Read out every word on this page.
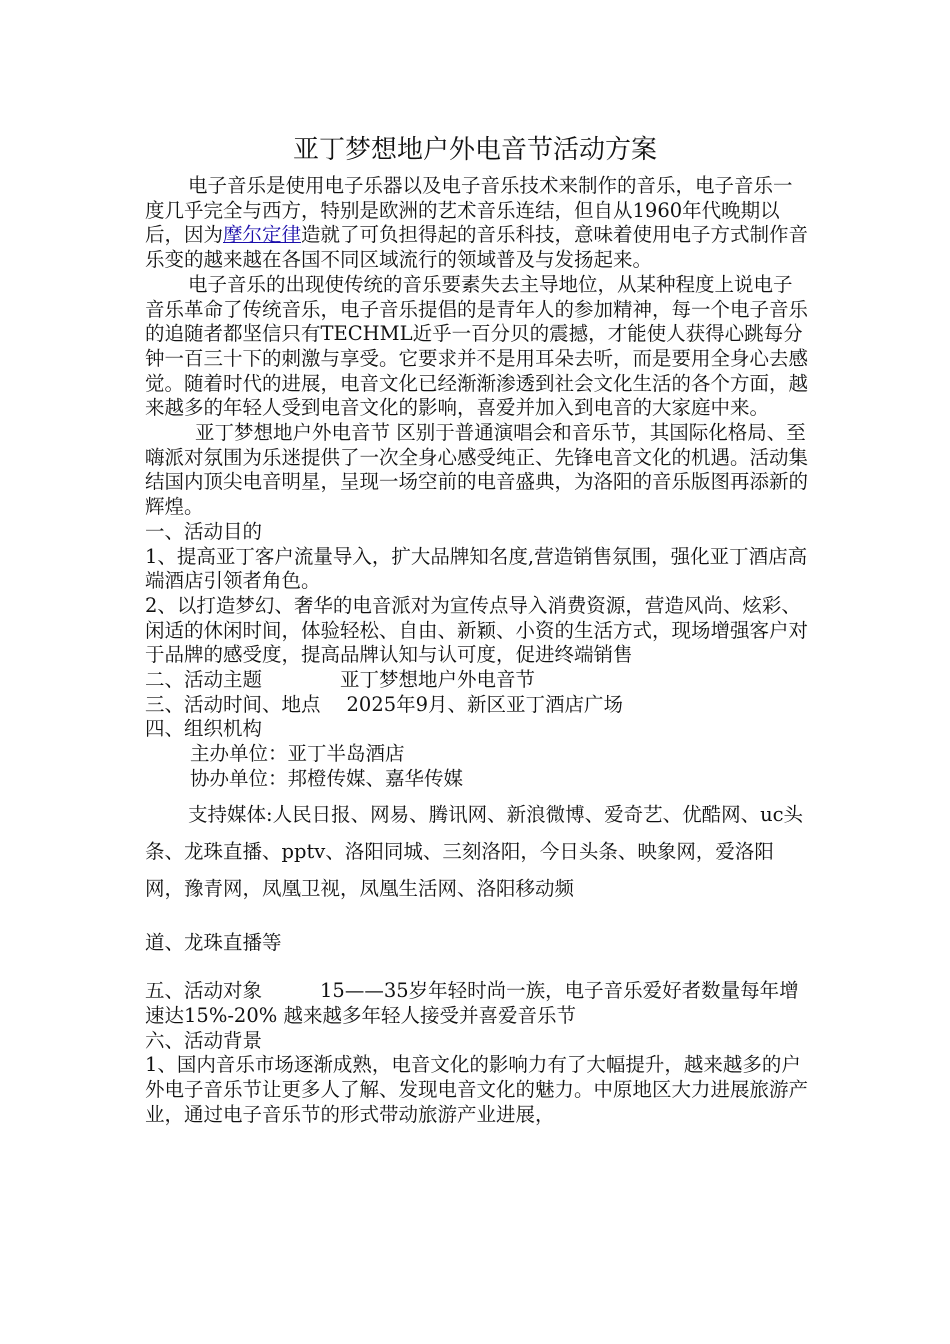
亚丁梦想地户外电音节活动方案

电子音乐是使用电子乐器以及电子音乐技术来制作的音乐，电子音乐一度几乎完全与西方，特别是欧洲的艺术音乐连结，但自从1960年代晚期以后，因为摩尔定律造就了可负担得起的音乐科技，意味着使用电子方式制作音乐变的越来越在各国不同区域流行的领域普及与发扬起来。

电子音乐的出现使传统的音乐要素失去主导地位，从某种程度上说电子音乐革命了传统音乐，电子音乐提倡的是青年人的参加精神，每一个电子音乐的追随者都坚信只有TECHML近乎一百分贝的震撼，才能使人获得心跳每分钟一百三十下的刺激与享受。它要求并不是用耳朵去听，而是要用全身心去感觉。随着时代的进展，电音文化已经渐渐渗透到社会文化生活的各个方面，越来越多的年轻人受到电音文化的影响，喜爱并加入到电音的大家庭中来。

亚丁梦想地户外电音节 区别于普通演唱会和音乐节，其国际化格局、至嗨派对氛围为乐迷提供了一次全身心感受纯正、先锋电音文化的机遇。活动集结国内顶尖电音明星，呈现一场空前的电音盛典，为洛阳的音乐版图再添新的辉煌。

一、活动目的

1、提高亚丁客户流量导入，扩大品牌知名度,营造销售氛围，强化亚丁酒店高端酒店引领者角色。

2、以打造梦幻、奢华的电音派对为宣传点导入消费资源，营造风尚、炫彩、闲适的休闲时间，体验轻松、自由、新颖、小资的生活方式，现场增强客户对于品牌的感受度，提高品牌认知与认可度，促进终端销售

二、活动主题	亚丁梦想地户外电音节

三、活动时间、地点 2025年9月、新区亚丁酒店广场

四、组织机构

主办单位：亚丁半岛酒店

协办单位：邦橙传媒、嘉华传媒

支持媒体:人民日报、网易、腾讯网、新浪微博、爱奇艺、优酷网、uc头条、龙珠直播、pptv、洛阳同城、三刻洛阳，今日头条、映象网，爱洛阳网，豫青网，凤凰卫视，凤凰生活网、洛阳移动频

道、龙珠直播等

五、活动对象	15——35岁年轻时尚一族，电子音乐爱好者数量每年增速达15%-20% 越来越多年轻人接受并喜爱音乐节

六、活动背景

1、国内音乐市场逐渐成熟，电音文化的影响力有了大幅提升，越来越多的户外电子音乐节让更多人了解、发现电音文化的魅力。中原地区大力进展旅游产业，通过电子音乐节的形式带动旅游产业进展，
